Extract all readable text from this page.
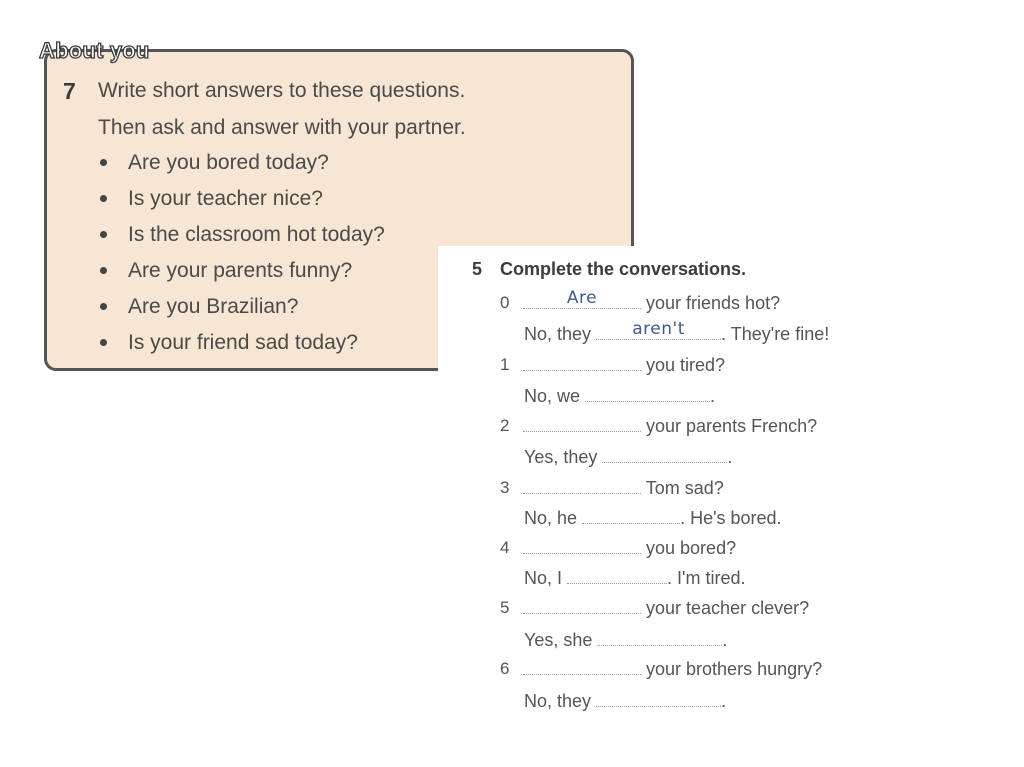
About you
7 Write short answers to these questions.
Then ask and answer with your partner.
Are you bored today?
Is your teacher nice?
Is the classroom hot today?
Are your parents funny?
Are you Brazilian?
Is your friend sad today?
5 Complete the conversations.
0	Are	your friends hot?
No, they	aren't	. They're fine!
1	you tired?
No, we	.
2	your parents French?
Yes, they	.
3	Tom sad?
No, he	. He's bored.
4	you bored?
No, I	. I'm tired.
5	your teacher clever?
Yes, she	.
6	your brothers hungry?
No, they	.
